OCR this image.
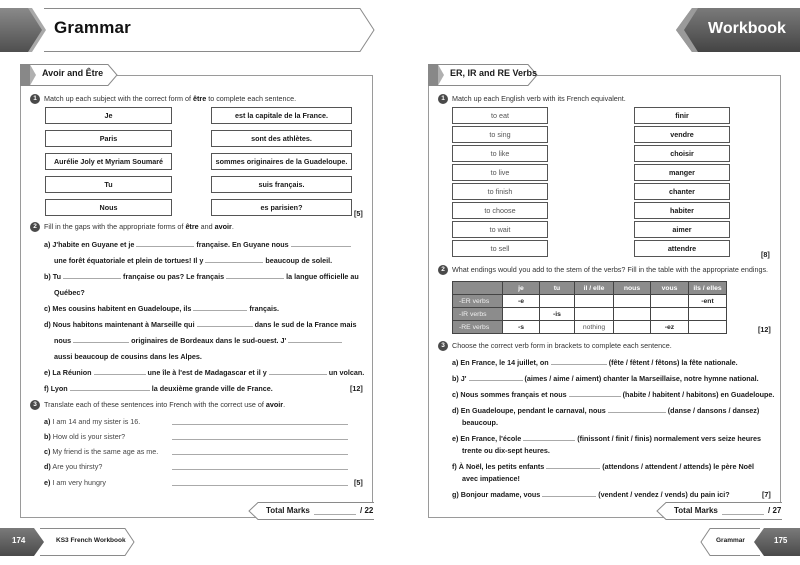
Grammar
Avoir and Être
1 Match up each subject with the correct form of être to complete each sentence.
Je
Paris
Aurélie Joly et Myriam Soumaré
Tu
Nous
est la capitale de la France.
sont des athlètes.
sommes originaires de la Guadeloupe.
suis français.
es parisien?
[5]
2 Fill in the gaps with the appropriate forms of être and avoir.
a) J'habite en Guyane et je	française. En Guyane nous
une forêt équatoriale et plein de tortues! Il y	beaucoup de soleil.
b) Tu	française ou pas? Le français	la langue officielle au
Québec?
c) Mes cousins habitent en Guadeloupe, ils	français.
d) Nous habitons maintenant à Marseille qui	dans le sud de la France mais
nous	originaires de Bordeaux dans le sud-ouest. J'
aussi beaucoup de cousins dans les Alpes.
e) La Réunion	une île à l'est de Madagascar et il y	un volcan.
f) Lyon	la deuxième grande ville de France.	[12]
3 Translate each of these sentences into French with the correct use of avoir.
a) I am 14 and my sister is 16.
b) How old is your sister?
c) My friend is the same age as me.
d) Are you thirsty?
e) I am very hungry	[5]
Total Marks	/ 22
174	KS3 French Workbook
Workbook
ER, IR and RE Verbs
1 Match up each English verb with its French equivalent.
to eat
to sing
to like
to live
to finish
to choose
to wait
to sell
finir
vendre
choisir
manger
chanter
habiter
aimer
attendre
[8]
2 What endings would you add to the stem of the verbs? Fill in the table with the appropriate endings.
	je	tu	il / elle	nous	vous	ils / elles
-ER verbs	-e					-ent
-IR verbs		-is				
-RE verbs	-s		nothing		-ez		[12]
3 Choose the correct verb form in brackets to complete each sentence.
a) En France, le 14 juillet, on	(fête / fêtent / fêtons) la fête nationale.
b) J'	(aimes / aime / aiment) chanter la Marseillaise, notre hymne national.
c) Nous sommes français et nous	(habite / habitent / habitons) en Guadeloupe.
d) En Guadeloupe, pendant le carnaval, nous	(danse / dansons / dansez)
beaucoup.
e) En France, l'école	(finissont / finit / finis) normalement vers seize heures
trente ou dix-sept heures.
f) À Noël, les petits enfants	(attendons / attendent / attends) le père Noël
avec impatience!
g) Bonjour madame, vous	(vendent / vendez / vends) du pain ici?	[7]
Total Marks	/ 27
Grammar	175
